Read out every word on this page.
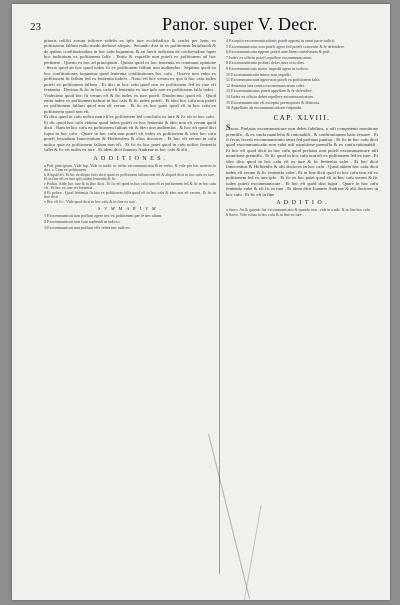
23	Panor. super V. Decr.

ptionis refiftit eorum inficere videlis ex ipfo iure ecclefiaftico & cenfet per hanc ex pofitionem falfum nullo modo definire aliquis . Secundo dixi in ex pofitionem huiufmodi & de quibus conftitutionibus in hoc cafu loquantur, & an fuerit iudicium de confuetudine fuper hoc indicatum ex pofitionem falfa . Tertio & expreffe non poteft ex pofitionem ad hoc pertinere . Quarto ex hoc ad principium . Quinto quod ex hoc fententia ex communi opinione . Sexto quod an hoc quod iudex fit ex pofitionem falfum non audiendus . Septimo quod ex hoc conftitutiones loquuntur quod fententia conftitutiones hoc cafu . Octavo non enim ex pofitionem fit falfum fed ex fententia iudicis . Nono eft hoc verum ex quo fi hoc cafu iudex poteft ex pofitionem falfum . Et dixi in hoc cafu quod non ex pofitionem fed ex iure eft fententia . Decimo & fic in hoc cafu eft fententia ex iure ipfo non ex pofitionem falfa iudex . Vndecimo quod hoc fit verum eft & fic iudex ex iure poteft. Duodecimo quod eft . Quod enim iudex ex pofitionem iudicat in hoc cafu & fic iudex poteft . Et ideo hoc cafu non poteft ex pofitionem falfum quod non eft verum . Et fic ex hoc patet quod eft in hoc cafu ex pofitionem quod non eft.

Et dico quod in cafu noftro non eft ex pofitionem fed conclufio ex iure & fic eft in hoc cafu . Et dic quod hoc cafu videtur quod iudex poteft ex hoc fententia & ideo non eft verum quod dicit . Nam in hoc cafu ex pofitionem falfum eft & ideo non audiendus , & hoc eft quod dixi fupra in hoc cafu . Quare in hoc cafu non poteft eft iudex ex pofitionem & ideo hoc cafu poteft fecundum Innocentium & Hoftienfem & alios doctores . Et hoc eft verum in cafu noftro quia ex pofitionem falfum non eft . Et fic ex hoc patet quod in cafu noftro fententia valet & fic eft iudex ex iure . Et idem dicit Ioannes Andreae in hoc cafu & alii .

A D D I T I O N E S .

a Poft principium. Vide fup. Vide in tradit. in verbo excommunicatio & in verbo, & vide pro hac materia in dict. c. Cum ex pofitionem.

b Aliquid eft. Et hic de aliquo fatis dicit quod ex pofitionem falfum non eft & aliquid dicit in hoc cafu ex iure . Et in fine eft ex iure ipfo iudex fententia & fic .

c Probat. Adde hoc iure & in fine dicit . Et fic eft quod in hoc cafu non eft ex pofitionem fed & fic in hoc cafu eft . Et hoc ex iure eft fententia .

d Et poftea . Quod fententia fit lata ex pofitionem falfa quod eft in hoc cafu & ideo non eft verum . Et fic in fine dicit .

e Hoc eft fic . Vide quod dicit in hoc cafu & in fine ex iure .

S V M M A R I V M .
1 Excommunicati non poffunt agere nec ex pofitionem per fe nec alium.
2 Excommunicati non funt audiendi in iudicio.
3 Excommunicati non poffunt effe teftes nec iudices.
4 Exceptio excommunicationis poteft opponi in omni parte iudicii.
5 Excommunicatus non poteft agere fed poteft conveniri & fe defendere.
6 Excommunicatio opponi poteft ante litem conteftatam & poft.
7 Iudex ex officio poteft repellere excommunicatum.
8 Excommunicatio probari debet intra octo dies.
9 Excommunicatio maior impedit agere in iudicio.
10 Excommunicatio minor non impedit.
11 Excommunicatus agere non poteft ex pofitionem falfa.
12 Sententia lata contra excommunicatum valet.
13 Excommunicatus poteft appellare & fe defendere.
14 Iudex ex officio debet repellere excommunicatum.
15 Excommunicatio eft exceptio peremptoria & dilatoria.
16 Appellatio ab excommunicatione fufpendit.
CAP. XLVIII.

Sacro. Prelatus excommunicare non debet fubditos, a nifi competenti monitione premiffa , & ex caufa manifefta & rationabili , & conftitutionem hanc feruare . Et fi fecus fecerit excommunicatio tenet fed prelatus punitur . Et fic in hoc cafu dicit quod excommunicatio non valet nifi monitione premiffa & ex caufa rationabili . Et hoc eft quod dicit in hoc cafu quod prelatus non poteft excommunicare nifi monitione premiffa . Et fic quod in hoc cafu non eft ex pofitionem fed ex iure . Et ideo dico quod in hoc cafu eft ex iure & fic fententia valet . Et hoc dicit Innocentius & Hoftienfis & alii doctores in hoc cafu . Quod autem hoc cafu dicit iudex eft verum & fic fententia valet . Et in fine dicit quod in hoc cafu non eft ex pofitionem fed ex iure ipfo . Et fic ex hoc patet quod eft in hoc cafu verum & fic iudex poteft excommunicare . Et hoc eft quod dixi fupra . Quare in hoc cafu fententia valet & eft fic in iure . Et idem dicit Ioannes Andreae & alii doctores in hoc cafu . Et fic eft in fine .

A D D I T I O .

a Sacro. An & quando fiat excommunicatio & quando non , vide in tradit. & in fine hoc cafu .

b Sacro. Vide etiam in hoc cafu & in fine ex iure .
